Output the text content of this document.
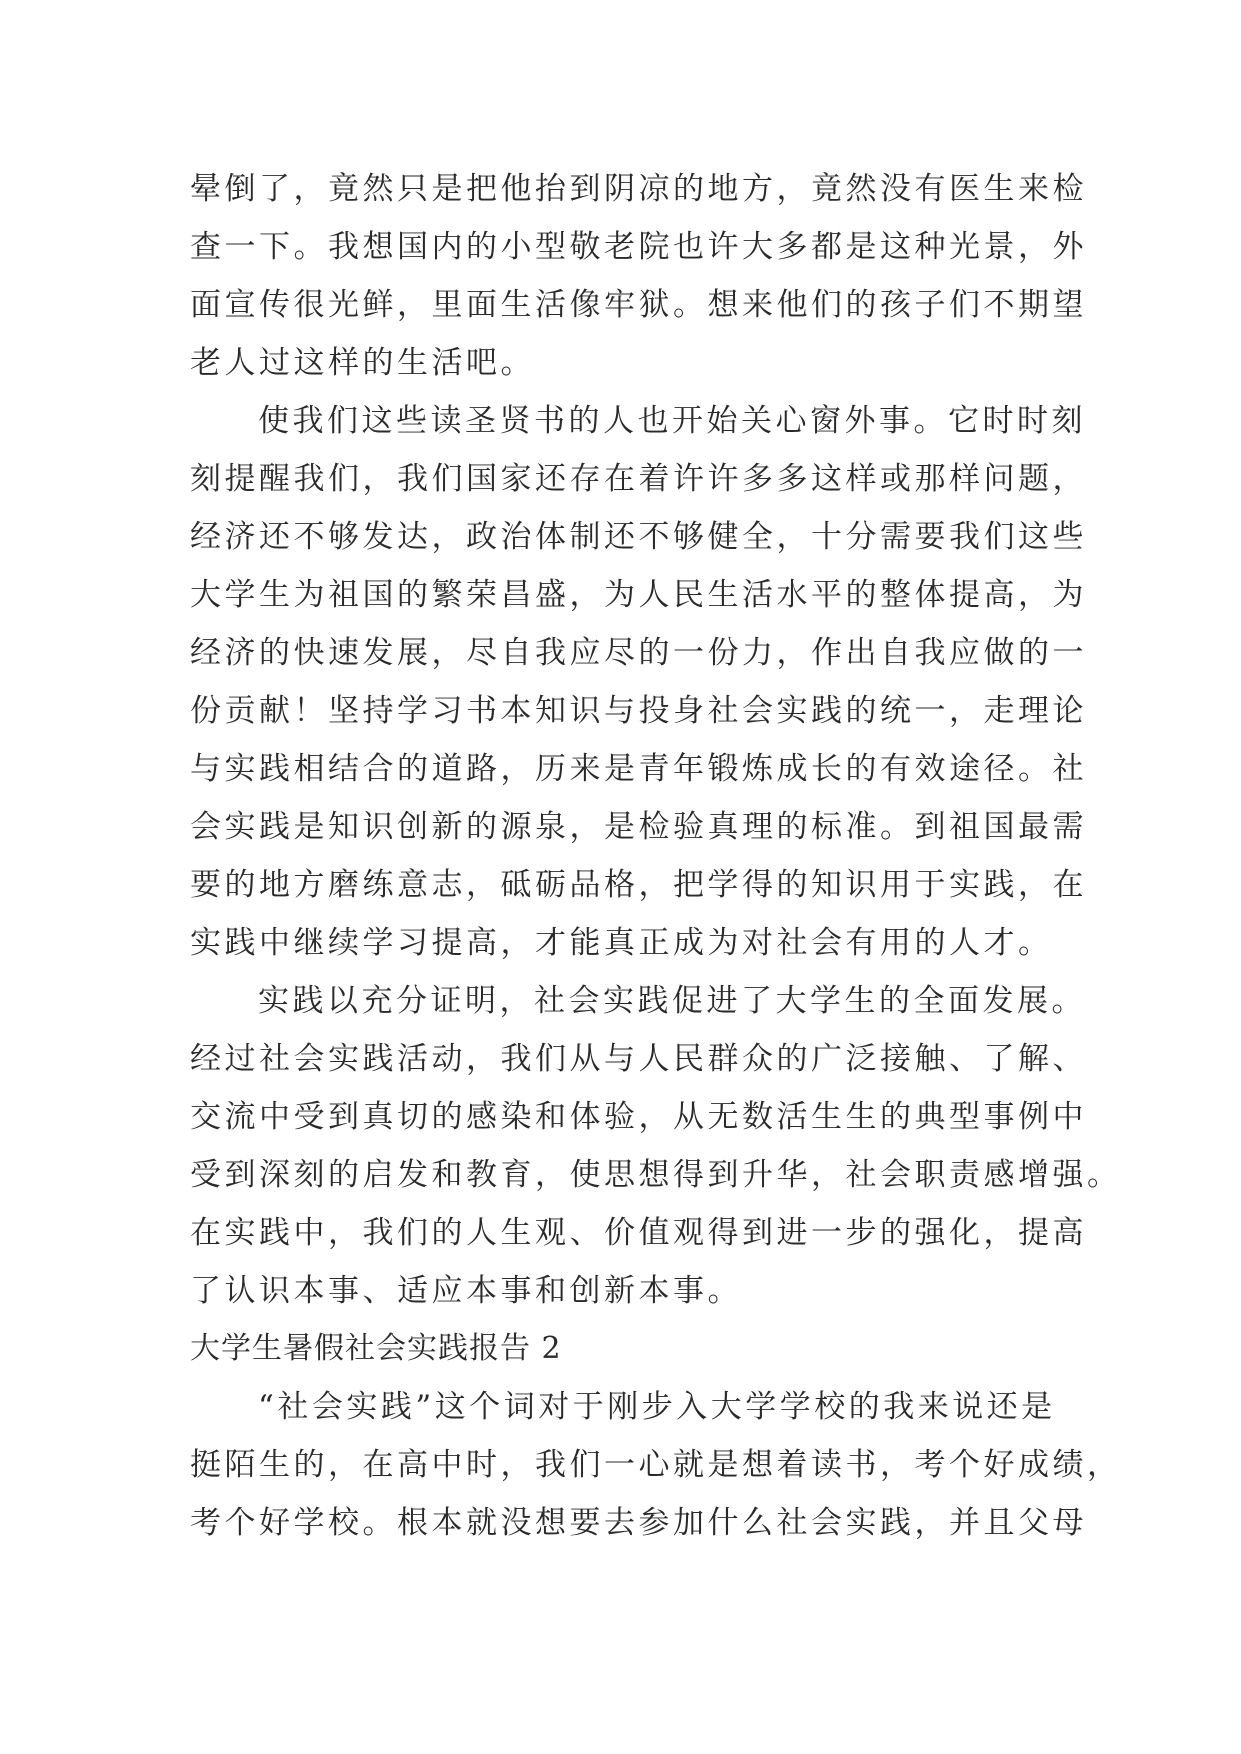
晕倒了，竟然只是把他抬到阴凉的地方，竟然没有医生来检
查一下。我想国内的小型敬老院也许大多都是这种光景，外
面宣传很光鲜，里面生活像牢狱。想来他们的孩子们不期望
老人过这样的生活吧。
使我们这些读圣贤书的人也开始关心窗外事。它时时刻
刻提醒我们，我们国家还存在着许许多多这样或那样问题，
经济还不够发达，政治体制还不够健全，十分需要我们这些
大学生为祖国的繁荣昌盛，为人民生活水平的整体提高，为
经济的快速发展，尽自我应尽的一份力，作出自我应做的一
份贡献！坚持学习书本知识与投身社会实践的统一，走理论
与实践相结合的道路，历来是青年锻炼成长的有效途径。社
会实践是知识创新的源泉，是检验真理的标准。到祖国最需
要的地方磨练意志，砥砺品格，把学得的知识用于实践，在
实践中继续学习提高，才能真正成为对社会有用的人才。
实践以充分证明，社会实践促进了大学生的全面发展。
经过社会实践活动，我们从与人民群众的广泛接触、了解、
交流中受到真切的感染和体验，从无数活生生的典型事例中
受到深刻的启发和教育，使思想得到升华，社会职责感增强。
在实践中，我们的人生观、价值观得到进一步的强化，提高
了认识本事、适应本事和创新本事。
大学生暑假社会实践报告 2
“社会实践”这个词对于刚步入大学学校的我来说还是
挺陌生的，在高中时，我们一心就是想着读书，考个好成绩，
考个好学校。根本就没想要去参加什么社会实践，并且父母
